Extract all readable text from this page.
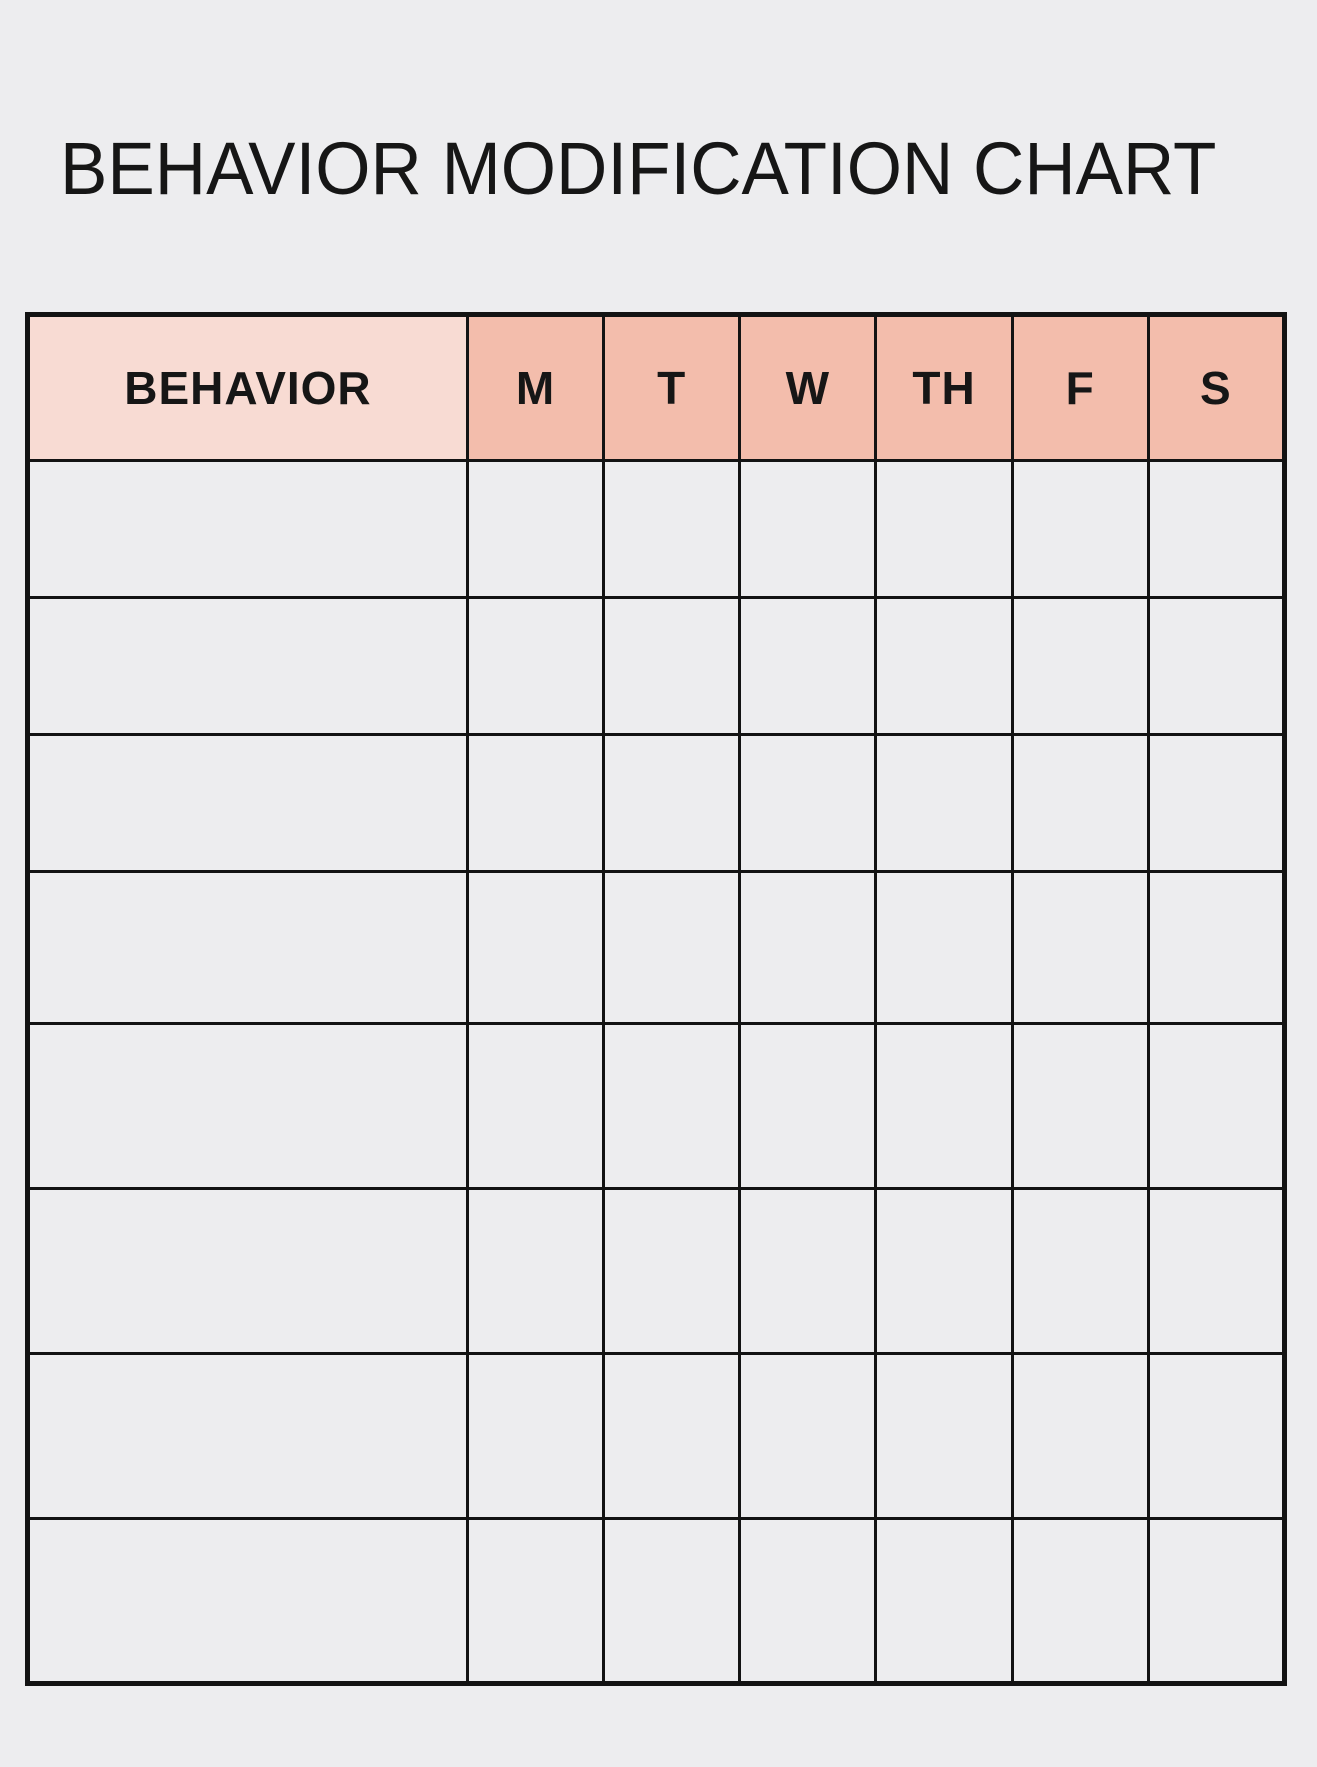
BEHAVIOR MODIFICATION CHART
BEHAVIOR	M	T	W	TH	F	S
